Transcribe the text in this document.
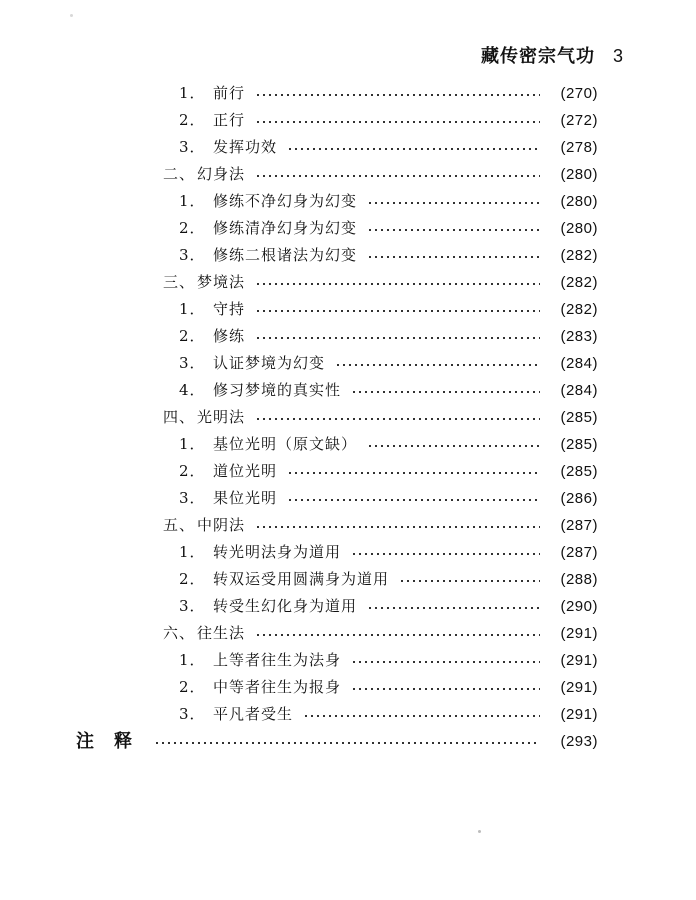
藏传密宗气功 3
1． 前行	(270)
2． 正行	(272)
3． 发挥功效	(278)
二、 幻身法	(280)
1． 修练不净幻身为幻变	(280)
2． 修练清净幻身为幻变	(280)
3． 修练二根诸法为幻变	(282)
三、 梦境法	(282)
1． 守持	(282)
2． 修练	(283)
3． 认证梦境为幻变	(284)
4． 修习梦境的真实性	(284)
四、 光明法	(285)
1． 基位光明（原文缺）	(285)
2． 道位光明	(285)
3． 果位光明	(286)
五、 中阴法	(287)
1． 转光明法身为道用	(287)
2． 转双运受用圆满身为道用	(288)
3． 转受生幻化身为道用	(290)
六、 往生法	(291)
1． 上等者往生为法身	(291)
2． 中等者往生为报身	(291)
3． 平凡者受生	(291)
注释	(293)
